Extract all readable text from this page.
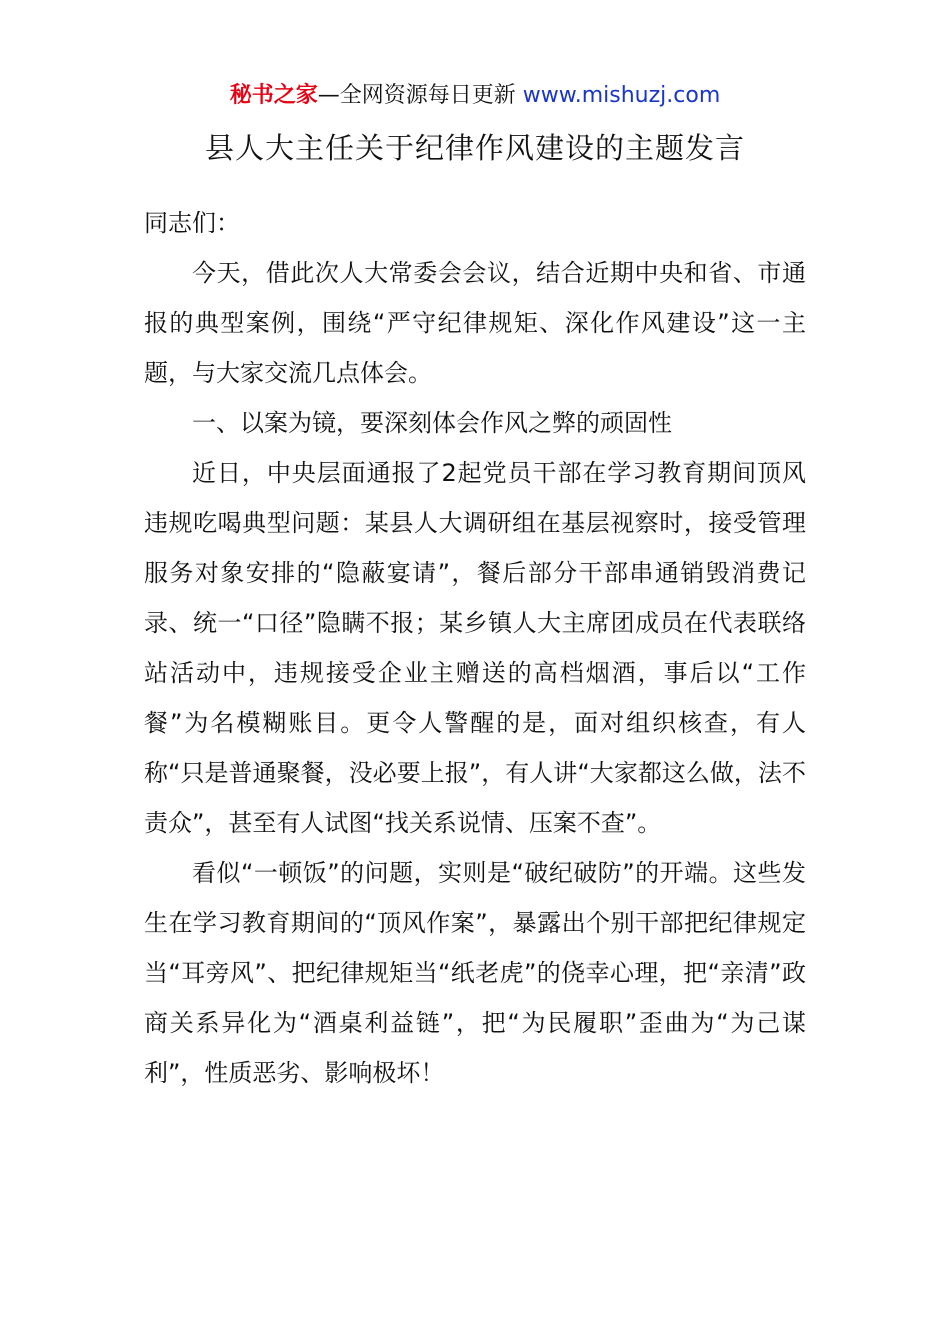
秘书之家—全网资源每日更新 www.mishuzj.com
县人大主任关于纪律作风建设的主题发言

同志们：

今天，借此次人大常委会会议，结合近期中央和省、市通报的典型案例，围绕“严守纪律规矩、深化作风建设”这一主题，与大家交流几点体会。

一、以案为镜，要深刻体会作风之弊的顽固性

近日，中央层面通报了2起党员干部在学习教育期间顶风违规吃喝典型问题：某县人大调研组在基层视察时，接受管理服务对象安排的“隐蔽宴请”，餐后部分干部串通销毁消费记录、统一“口径”隐瞒不报；某乡镇人大主席团成员在代表联络站活动中，违规接受企业主赠送的高档烟酒，事后以“工作餐”为名模糊账目。更令人警醒的是，面对组织核查，有人称“只是普通聚餐，没必要上报”，有人讲“大家都这么做，法不责众”，甚至有人试图“找关系说情、压案不查”。

看似“一顿饭”的问题，实则是“破纪破防”的开端。这些发生在学习教育期间的“顶风作案”，暴露出个别干部把纪律规定当“耳旁风”、把纪律规矩当“纸老虎”的侥幸心理，把“亲清”政商关系异化为“酒桌利益链”，把“为民履职”歪曲为“为己谋利”，性质恶劣、影响极坏！
